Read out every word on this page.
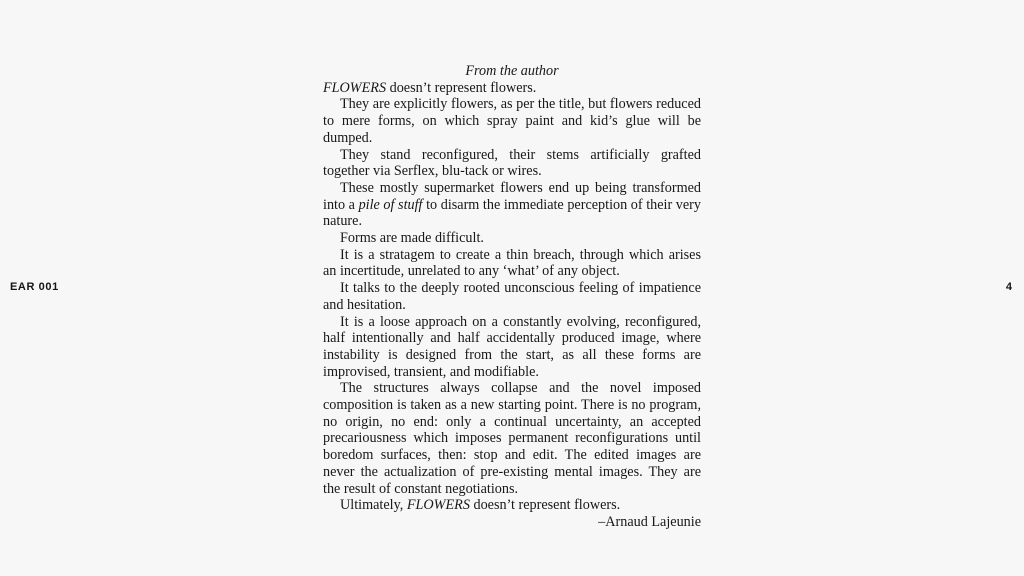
EAR 001	4
From the author

FLOWERS doesn’t represent flowers.

They are explicitly flowers, as per the title, but flowers reduced to mere forms, on which spray paint and kid’s glue will be dumped.

They stand reconfigured, their stems artificially grafted together via Serflex, blu-tack or wires.

These mostly supermarket flowers end up being transformed into a pile of stuff to disarm the immediate perception of their very nature.

Forms are made difficult.

It is a stratagem to create a thin breach, through which arises an incertitude, unrelated to any ‘what’ of any object.

It talks to the deeply rooted unconscious feeling of impatience and hesitation.

It is a loose approach on a constantly evolving, reconfigured, half intentionally and half accidentally produced image, where instability is designed from the start, as all these forms are improvised, transient, and modifiable.

The structures always collapse and the novel imposed composition is taken as a new starting point. There is no program, no origin, no end: only a continual uncertainty, an accepted precariousness which imposes permanent reconfigurations until boredom surfaces, then: stop and edit. The edited images are never the actualization of pre-existing mental images. They are the result of constant negotiations.

Ultimately, FLOWERS doesn’t represent flowers.

–Arnaud Lajeunie
